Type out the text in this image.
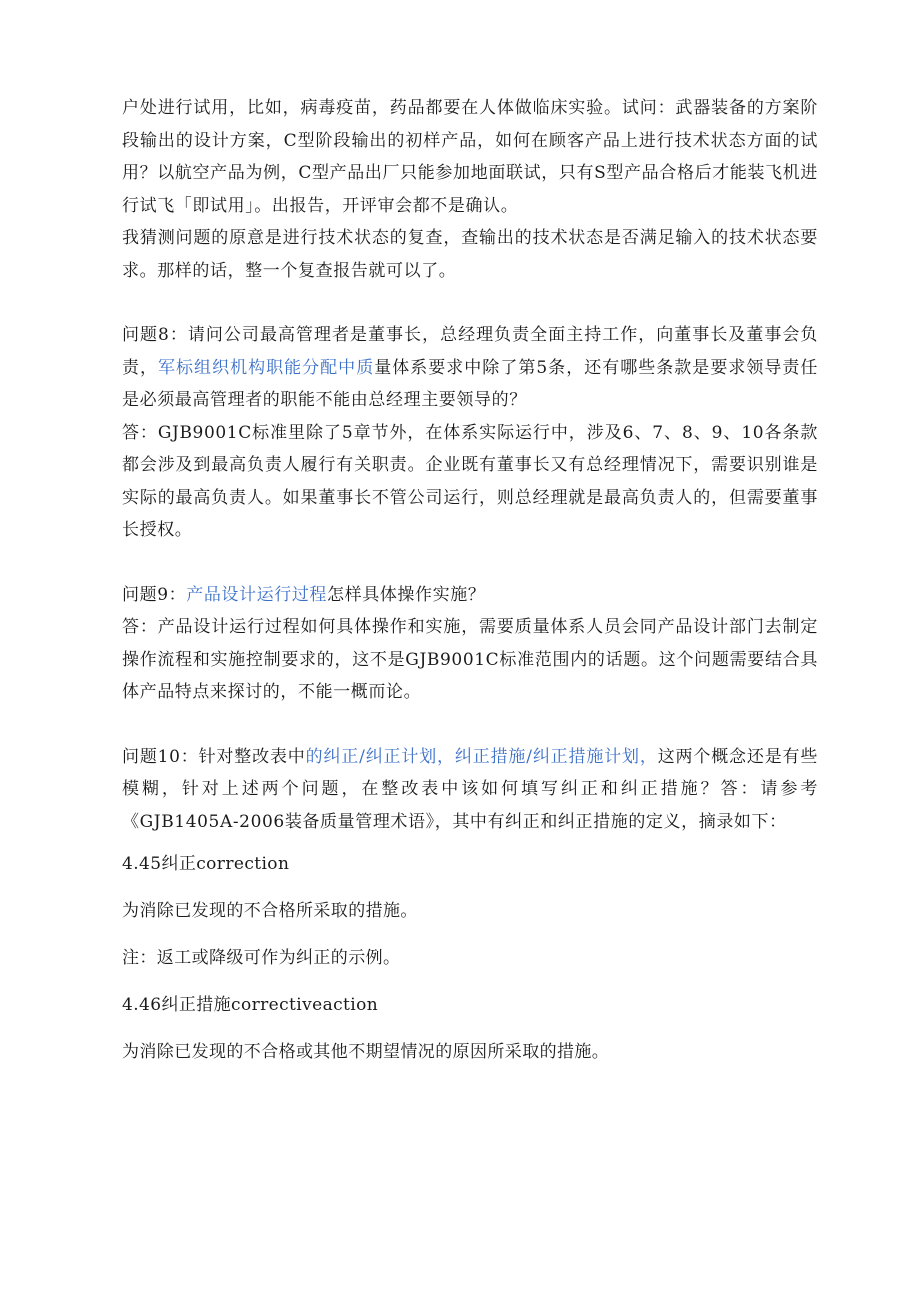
户处进行试用，比如，病毒疫苗，药品都要在人体做临床实验。试问：武器装备的方案阶段输出的设计方案，C型阶段输出的初样产品，如何在顾客产品上进行技术状态方面的试用？以航空产品为例，C型产品出厂只能参加地面联试，只有S型产品合格后才能装飞机进行试飞「即试用」。出报告，开评审会都不是确认。

我猜测问题的原意是进行技术状态的复查，查输出的技术状态是否满足输入的技术状态要求。那样的话，整一个复查报告就可以了。

问题8：请问公司最高管理者是董事长，总经理负责全面主持工作，向董事长及董事会负责，军标组织机构职能分配中质量体系要求中除了第5条，还有哪些条款是要求领导责任是必须最高管理者的职能不能由总经理主要领导的？

答：GJB9001C标准里除了5章节外，在体系实际运行中，涉及6、7、8、9、10各条款都会涉及到最高负责人履行有关职责。企业既有董事长又有总经理情况下，需要识别谁是实际的最高负责人。如果董事长不管公司运行，则总经理就是最高负责人的，但需要董事长授权。

问题9：产品设计运行过程怎样具体操作实施？

答：产品设计运行过程如何具体操作和实施，需要质量体系人员会同产品设计部门去制定操作流程和实施控制要求的，这不是GJB9001C标准范围内的话题。这个问题需要结合具体产品特点来探讨的，不能一概而论。

问题10：针对整改表中的纠正/纠正计划，纠正措施/纠正措施计划，这两个概念还是有些模糊，针对上述两个问题，在整改表中该如何填写纠正和纠正措施？答：请参考《GJB1405A-2006装备质量管理术语》，其中有纠正和纠正措施的定义，摘录如下：

4.45纠正correction

为消除已发现的不合格所采取的措施。

注：返工或降级可作为纠正的示例。

4.46纠正措施correctiveaction

为消除已发现的不合格或其他不期望情况的原因所采取的措施。
